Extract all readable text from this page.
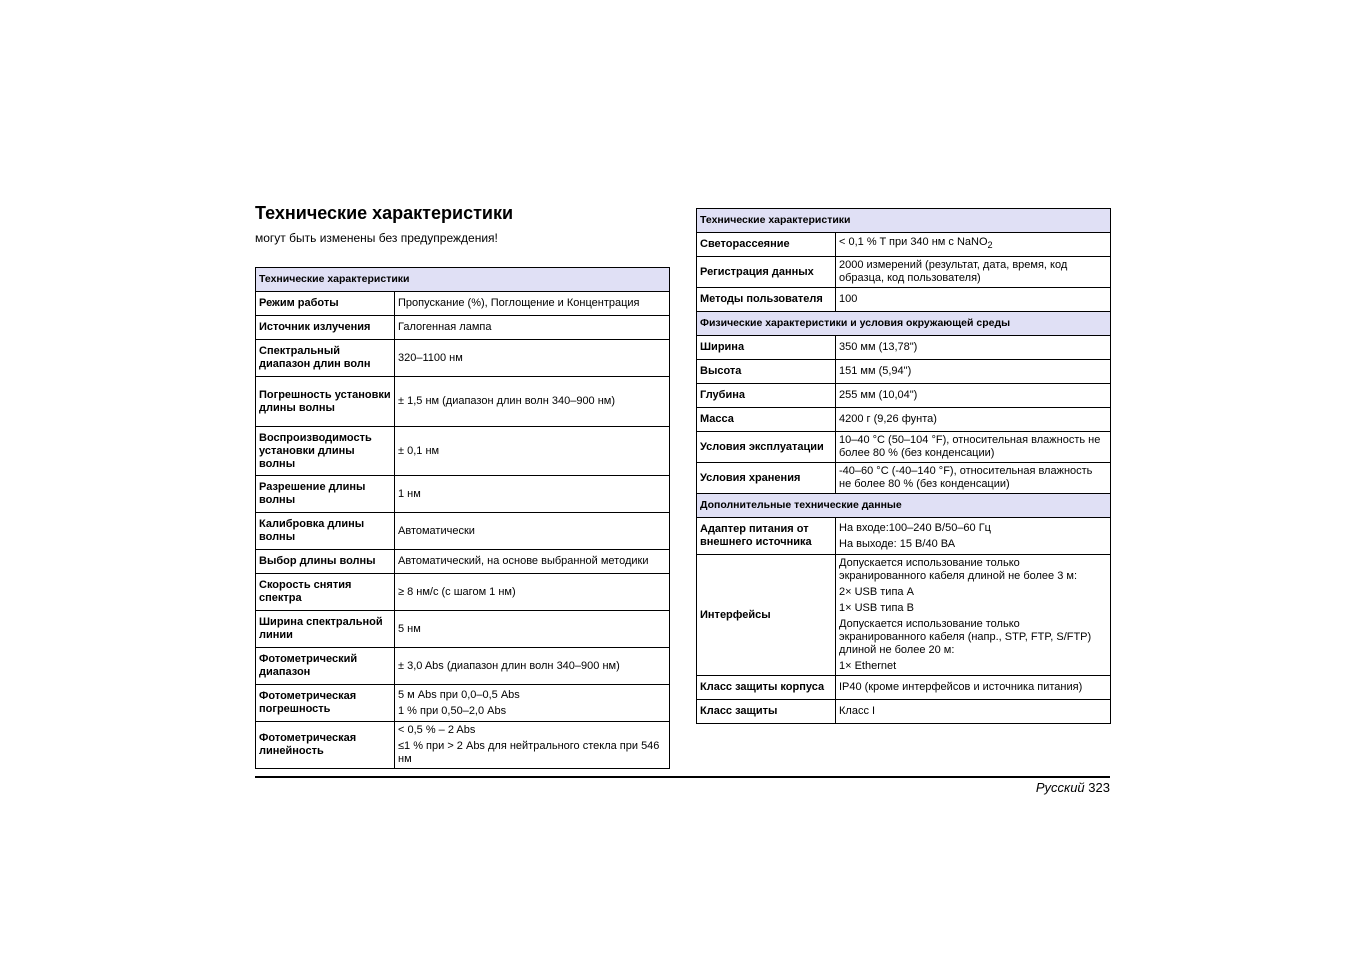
Технические характеристики
могут быть изменены без предупреждения!
Технические характеристики	
Режим работы	Пропускание (%), Поглощение и Концентрация

Источник излучения	Галогенная лампа

Спектральный диапазон длин волн	320–1100 нм

Погрешность установки длины волны	± 1,5 нм (диапазон длин волн 340–900 нм)

Воспроизводимость установки длины волны	± 0,1 нм

Разрешение длины волны	1 нм

Калибровка длины волны	Автоматически

Выбор длины волны	Автоматический, на основе выбранной методики

Скорость снятия спектра	≥ 8 нм/с (с шагом 1 нм)

Ширина спектральной линии	5 нм

Фотометрический диапазон	± 3,0 Abs (диапазон длин волн 340–900 нм)

Фотометрическая погрешность	5 м Abs при 0,0–0,5 Abs
1 % при 0,50–2,0 Abs

Фотометрическая линейность	< 0,5 % – 2 Abs
≤1 % при > 2 Abs для нейтрального стекла при 546 нм
Технические характеристики	
Светорассеяние	< 0,1 % T при 340 нм с NaNO$_2$
Регистрация данных	2000 измерений (результат, дата, время, код образца, код пользователя)

Методы пользователя	100

Физические характеристики и условия окружающей среды	
Ширина	350 мм (13,78")

Высота	151 мм (5,94")

Глубина	255 мм (10,04")

Масса	4200 г (9,26 фунта)

Условия эксплуатации	10–40 °C (50–104 °F), относительная влажность не более 80 % (без конденсации)

Условия хранения	-40–60 °C (-40–140 °F), относительная влажность не более 80 % (без конденсации)

Дополнительные технические данные	
Адаптер питания от внешнего источника	На входе:100–240 В/50–60 Гц
На выходе: 15 В/40 ВА

Интерфейсы	Допускается использование только экранированного кабеля длиной не более 3 м:
2× USB типа A
1× USB типа B
Допускается использование только экранированного кабеля (напр., STP, FTP, S/FTP) длиной не более 20 м:
1× Ethernet

Класс защиты корпуса	IP40 (кроме интерфейсов и источника питания)

Класс защиты	Класс I
Русский 323
